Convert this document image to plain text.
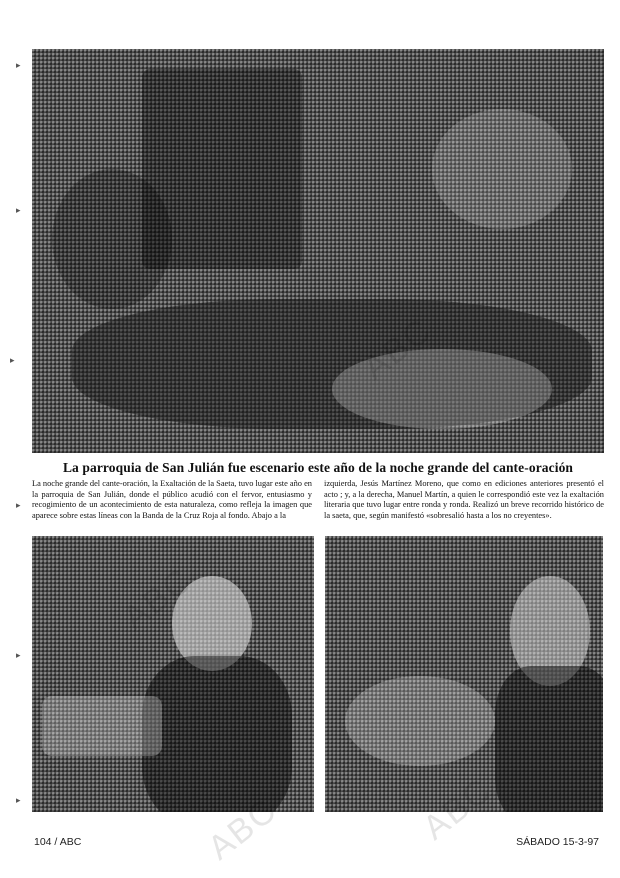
▸
▸
▸
▸
▸
▸
La parroquia de San Julián fue escenario este año de la noche grande del cante-oración
La noche grande del cante-oración, la Exaltación de la Saeta, tuvo lugar este año en la parroquia de San Julián, donde el público acudió con el fervor, entusiasmo y recogimiento de un acontecimiento de esta naturaleza, como refleja la imagen que aparece sobre estas líneas con la Banda de la Cruz Roja al fondo. Abajo a la
izquierda, Jesús Martínez Moreno, que como en ediciones anteriores presentó el acto ; y, a la derecha, Manuel Martín, a quien le correspondió este vez la exaltación literaria que tuvo lugar entre ronda y ronda. Realizó un breve recorrido histórico de la saeta, que, según manifestó «sobresalió hasta a los no creyentes».
ABC
104 / ABC	SÁBADO 15-3-97
